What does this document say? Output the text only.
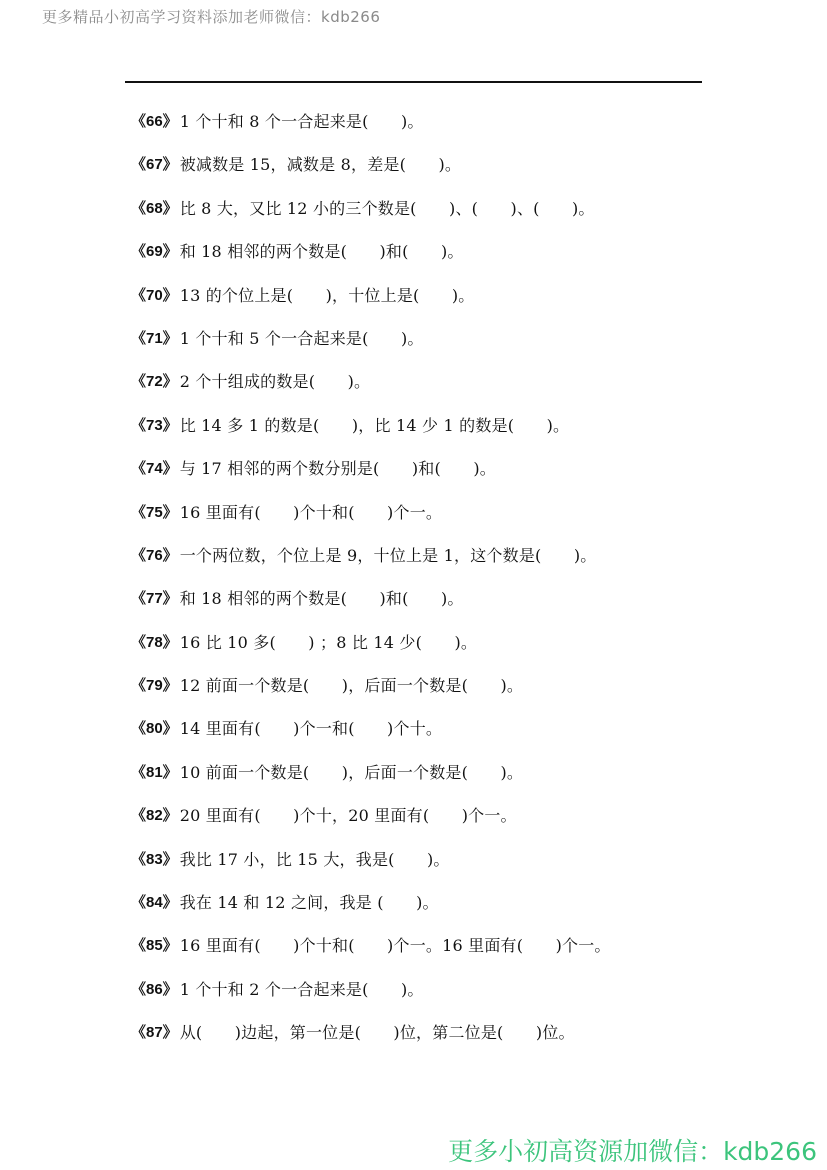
更多精品小初高学习资料添加老师微信：kdb266
《66》 1 个十和 8 个一合起来是(　　)。
《67》 被减数是 15，减数是 8，差是(　　)。
《68》 比 8 大，又比 12 小的三个数是(　　)、(　　)、(　　)。
《69》 和 18 相邻的两个数是(　　)和(　　)。
《70》 13 的个位上是(　　)，十位上是(　　)。
《71》 1 个十和 5 个一合起来是(　　)。
《72》 2 个十组成的数是(　　)。
《73》 比 14 多 1 的数是(　　)，比 14 少 1 的数是(　　)。
《74》 与 17 相邻的两个数分别是(　　)和(　　)。
《75》 16 里面有(　　)个十和(　　)个一。
《76》 一个两位数，个位上是 9，十位上是 1，这个数是(　　)。
《77》 和 18 相邻的两个数是(　　)和(　　)。
《78》 16 比 10 多(　　) ；8 比 14 少(　　)。
《79》 12 前面一个数是(　　)，后面一个数是(　　)。
《80》 14 里面有(　　)个一和(　　)个十。
《81》 10 前面一个数是(　　)，后面一个数是(　　)。
《82》 20 里面有(　　)个十，20 里面有(　　)个一。
《83》 我比 17 小，比 15 大，我是(　　)。
《84》 我在 14 和 12 之间，我是 (　　)。
《85》 16 里面有(　　)个十和(　　)个一。16 里面有(　　)个一。
《86》 1 个十和 2 个一合起来是(　　)。
《87》 从(　　)边起，第一位是(　　)位，第二位是(　　)位。
更多小初高资源加微信：kdb266
